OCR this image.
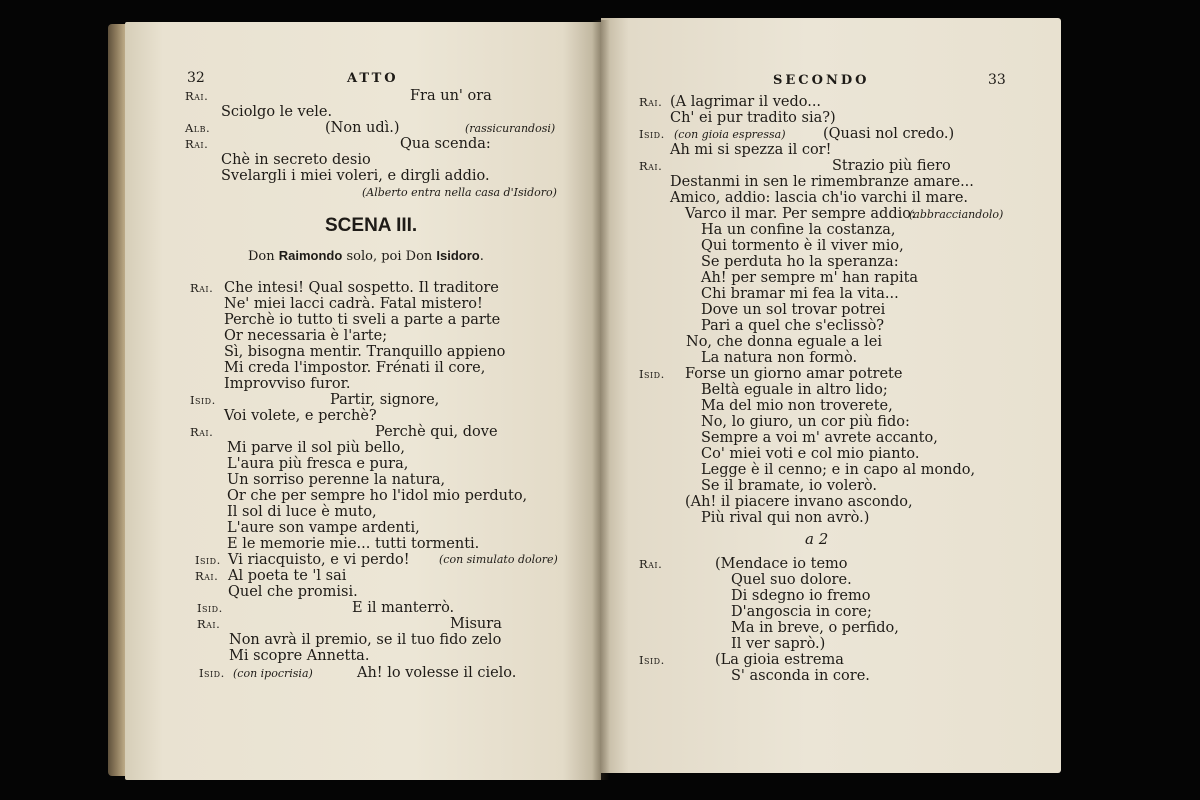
32	ATTO
Rai.	Fra un' ora
Sciolgo le vele.
Alb.	(Non udì.)	(rassicurandosi)
Rai.	Qua scenda:
Chè in secreto desio
Svelargli i miei voleri, e dirgli addio.
(Alberto entra nella casa d'Isidoro)
SCENA III.
Don Raimondo solo, poi Don Isidoro.
Rai. Che intesi! Qual sospetto. Il traditore
Ne' miei lacci cadrà. Fatal mistero!
Perchè io tutto ti sveli a parte a parte
Or necessaria è l'arte;
Sì, bisogna mentir. Tranquillo appieno
Mi creda l'impostor. Frénati il core,
Improvviso furor.
Isid.	Partir, signore,
Voi volete, e perchè?
Rai.	Perchè qui, dove
Mi parve il sol più bello,
L'aura più fresca e pura,
Un sorriso perenne la natura,
Or che per sempre ho l'idol mio perduto,
Il sol di luce è muto,
L'aure son vampe ardenti,
E le memorie mie... tutti tormenti.
Isid. Vi riacquisto, e vi perdo!	(con simulato dolore)
Rai. Al poeta te 'l sai
Quel che promisi.
Isid.	E il manterrò.
Rai.	Misura
Non avrà il premio, se il tuo fido zelo
Mi scopre Annetta.
Isid. (con ipocrisia)	Ah! lo volesse il cielo.
SECONDO	33
Rai. (A lagrimar il vedo...
Ch' ei pur tradito sia?)
Isid. (con gioia espressa)	(Quasi nol credo.)
Ah mi si spezza il cor!
Rai.	Strazio più fiero
Destanmi in sen le rimembranze amare...
Amico, addio: lascia ch'io varchi il mare.
Varco il mar. Per sempre addio:
(abbracciandolo)
Ha un confine la costanza,
Qui tormento è il viver mio,
Se perduta ho la speranza:
Ah! per sempre m' han rapita
Chi bramar mi fea la vita...
Dove un sol trovar potrei
Pari a quel che s'eclissò?
No, che donna eguale a lei
La natura non formò.
Isid. Forse un giorno amar potrete
Beltà eguale in altro lido;
Ma del mio non troverete,
No, lo giuro, un cor più fido:
Sempre a voi m' avrete accanto,
Co' miei voti e col mio pianto.
Legge è il cenno; e in capo al mondo,
Se il bramate, io volerò.
(Ah! il piacere invano ascondo,
Più rival qui non avrò.)
a 2
Rai.	(Mendace io temo
Quel suo dolore.
Di sdegno io fremo
D'angoscia in core;
Ma in breve, o perfido,
Il ver saprò.)
Isid.	(La gioia estrema
S' asconda in core.
